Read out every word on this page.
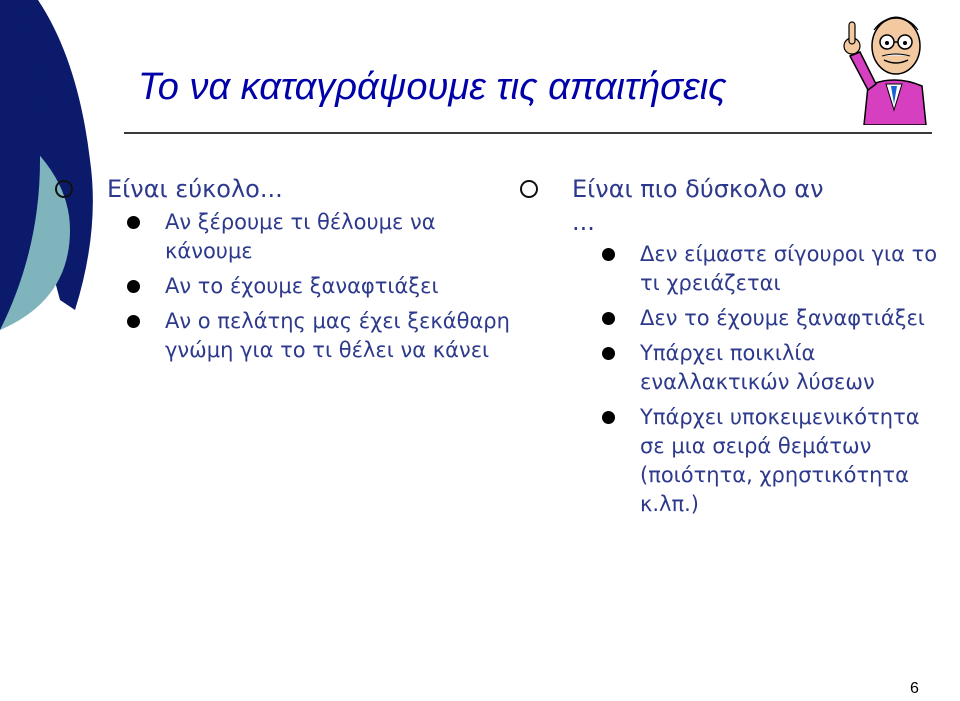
Το να καταγράψουμε τις απαιτήσεις
Είναι εύκολο...
Αν ξέρουμε τι θέλουμε να κάνουμε
Αν το έχουμε ξαναφτιάξει
Αν ο πελάτης μας έχει ξεκάθαρη γνώμη για το τι θέλει να κάνει
Είναι πιο δύσκολο αν
...
Δεν είμαστε σίγουροι για το τι χρειάζεται
Δεν το έχουμε ξαναφτιάξει
Υπάρχει ποικιλία εναλλακτικών λύσεων
Υπάρχει υποκειμενικότητα σε μια σειρά θεμάτων (ποιότητα, χρηστικότητα κ.λπ.)
6
